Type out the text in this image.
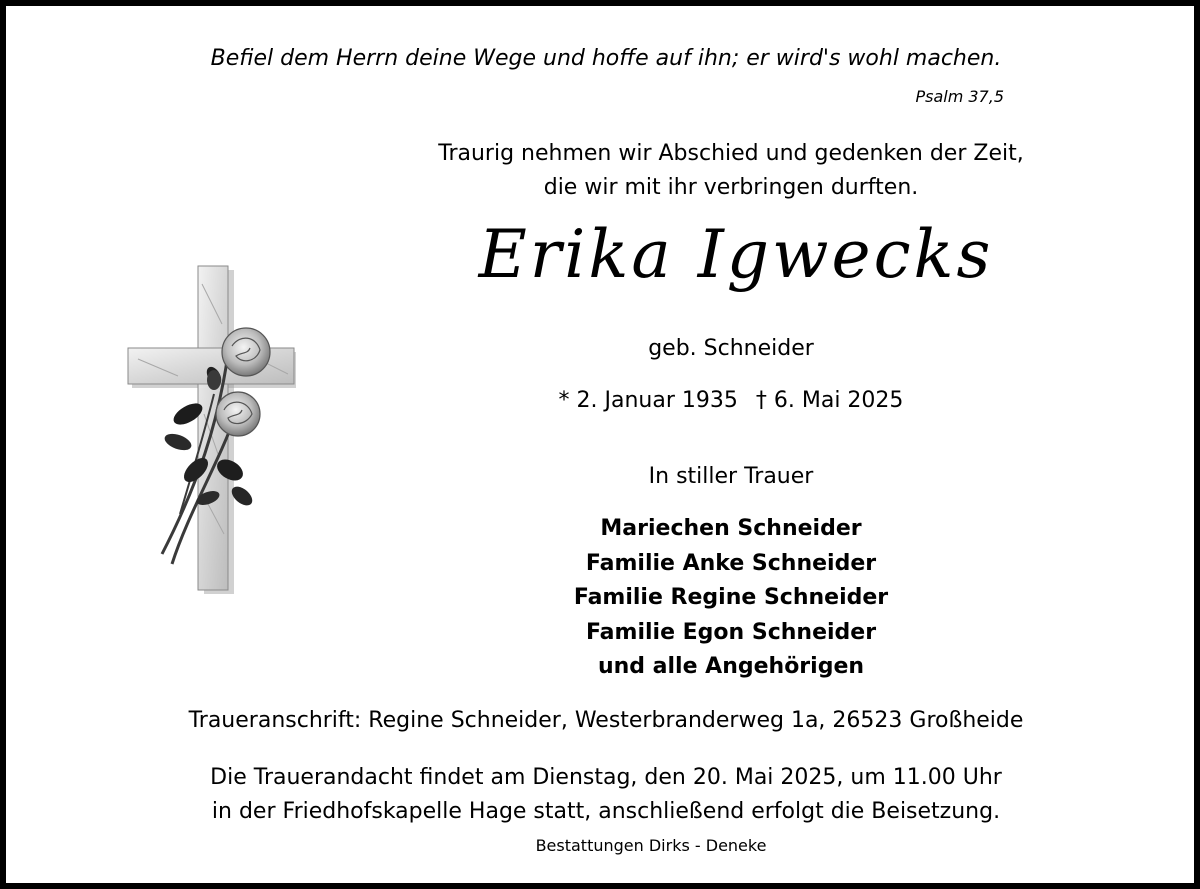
Befiel dem Herrn deine Wege und hoffe auf ihn; er wird's wohl machen.
Psalm 37,5
Traurig nehmen wir Abschied und gedenken der Zeit,
die wir mit ihr verbringen durften.
Erika Igwecks
geb. Schneider
* 2. Januar 1935 † 6. Mai 2025
In stiller Trauer
Mariechen Schneider
Familie Anke Schneider
Familie Regine Schneider
Familie Egon Schneider
und alle Angehörigen
Traueranschrift: Regine Schneider, Westerbranderweg 1a, 26523 Großheide
Die Trauerandacht findet am Dienstag, den 20. Mai 2025, um 11.00 Uhr
in der Friedhofskapelle Hage statt, anschließend erfolgt die Beisetzung.
Bestattungen Dirks - Deneke
